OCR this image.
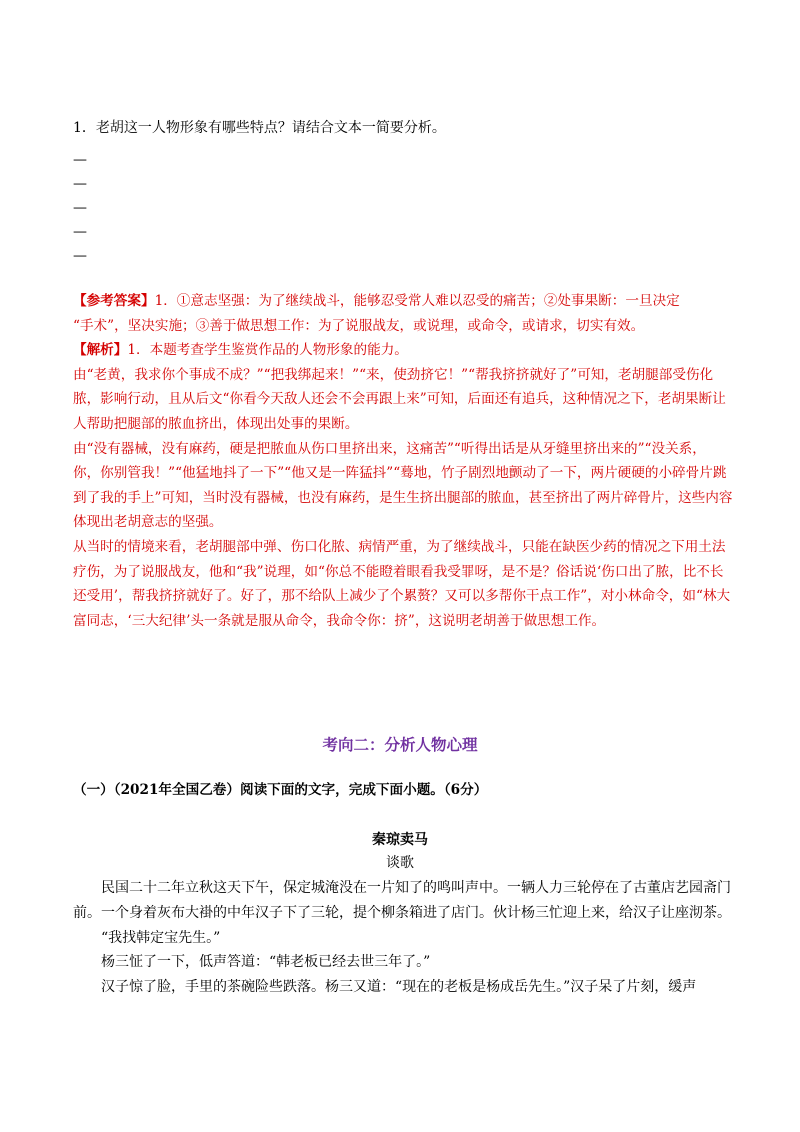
1．老胡这一人物形象有哪些特点？请结合文本一简要分析。
—
—
—
—
—

【参考答案】1．①意志坚强：为了继续战斗，能够忍受常人难以忍受的痛苦；②处事果断：一旦决定

“手术”，坚决实施；③善于做思想工作：为了说服战友，或说理，或命令，或请求，切实有效。

【解析】1．本题考查学生鉴赏作品的人物形象的能力。

由“老黄，我求你个事成不成？”“把我绑起来！”“来，使劲挤它！”“帮我挤挤就好了”可知，老胡腿部受伤化脓，影响行动，且从后文“你看今天敌人还会不会再跟上来”可知，后面还有追兵，这种情况之下，老胡果断让人帮助把腿部的脓血挤出，体现出处事的果断。

由“没有器械，没有麻药，硬是把脓血从伤口里挤出来，这痛苦”“听得出话是从牙缝里挤出来的”“没关系，你，你别管我！”“他猛地抖了一下”“他又是一阵猛抖”“蓦地，竹子剧烈地颤动了一下，两片硬硬的小碎骨片跳到了我的手上”可知，当时没有器械，也没有麻药，是生生挤出腿部的脓血，甚至挤出了两片碎骨片，这些内容体现出老胡意志的坚强。

从当时的情境来看，老胡腿部中弹、伤口化脓、病情严重，为了继续战斗，只能在缺医少药的情况之下用土法疗伤，为了说服战友，他和“我”说理，如“你总不能瞪着眼看我受罪呀，是不是？俗话说‘伤口出了脓，比不长还受用’，帮我挤挤就好了。好了，那不给队上减少了个累赘？又可以多帮你干点工作”，对小林命令，如“林大富同志，‘三大纪律’头一条就是服从命令，我命令你：挤”，这说明老胡善于做思想工作。

考向二：分析人物心理
（一）（2021年全国乙卷）阅读下面的文字，完成下面小题。（6分）
秦琼卖马
谈歌

民国二十二年立秋这天下午，保定城淹没在一片知了的鸣叫声中。一辆人力三轮停在了古董店艺园斋门前。一个身着灰布大褂的中年汉子下了三轮，提个柳条箱进了店门。伙计杨三忙迎上来，给汉子让座沏茶。

“我找韩定宝先生。”

杨三怔了一下，低声答道：“韩老板已经去世三年了。”

汉子惊了脸，手里的茶碗险些跌落。杨三又道：“现在的老板是杨成岳先生。”汉子呆了片刻，缓声
